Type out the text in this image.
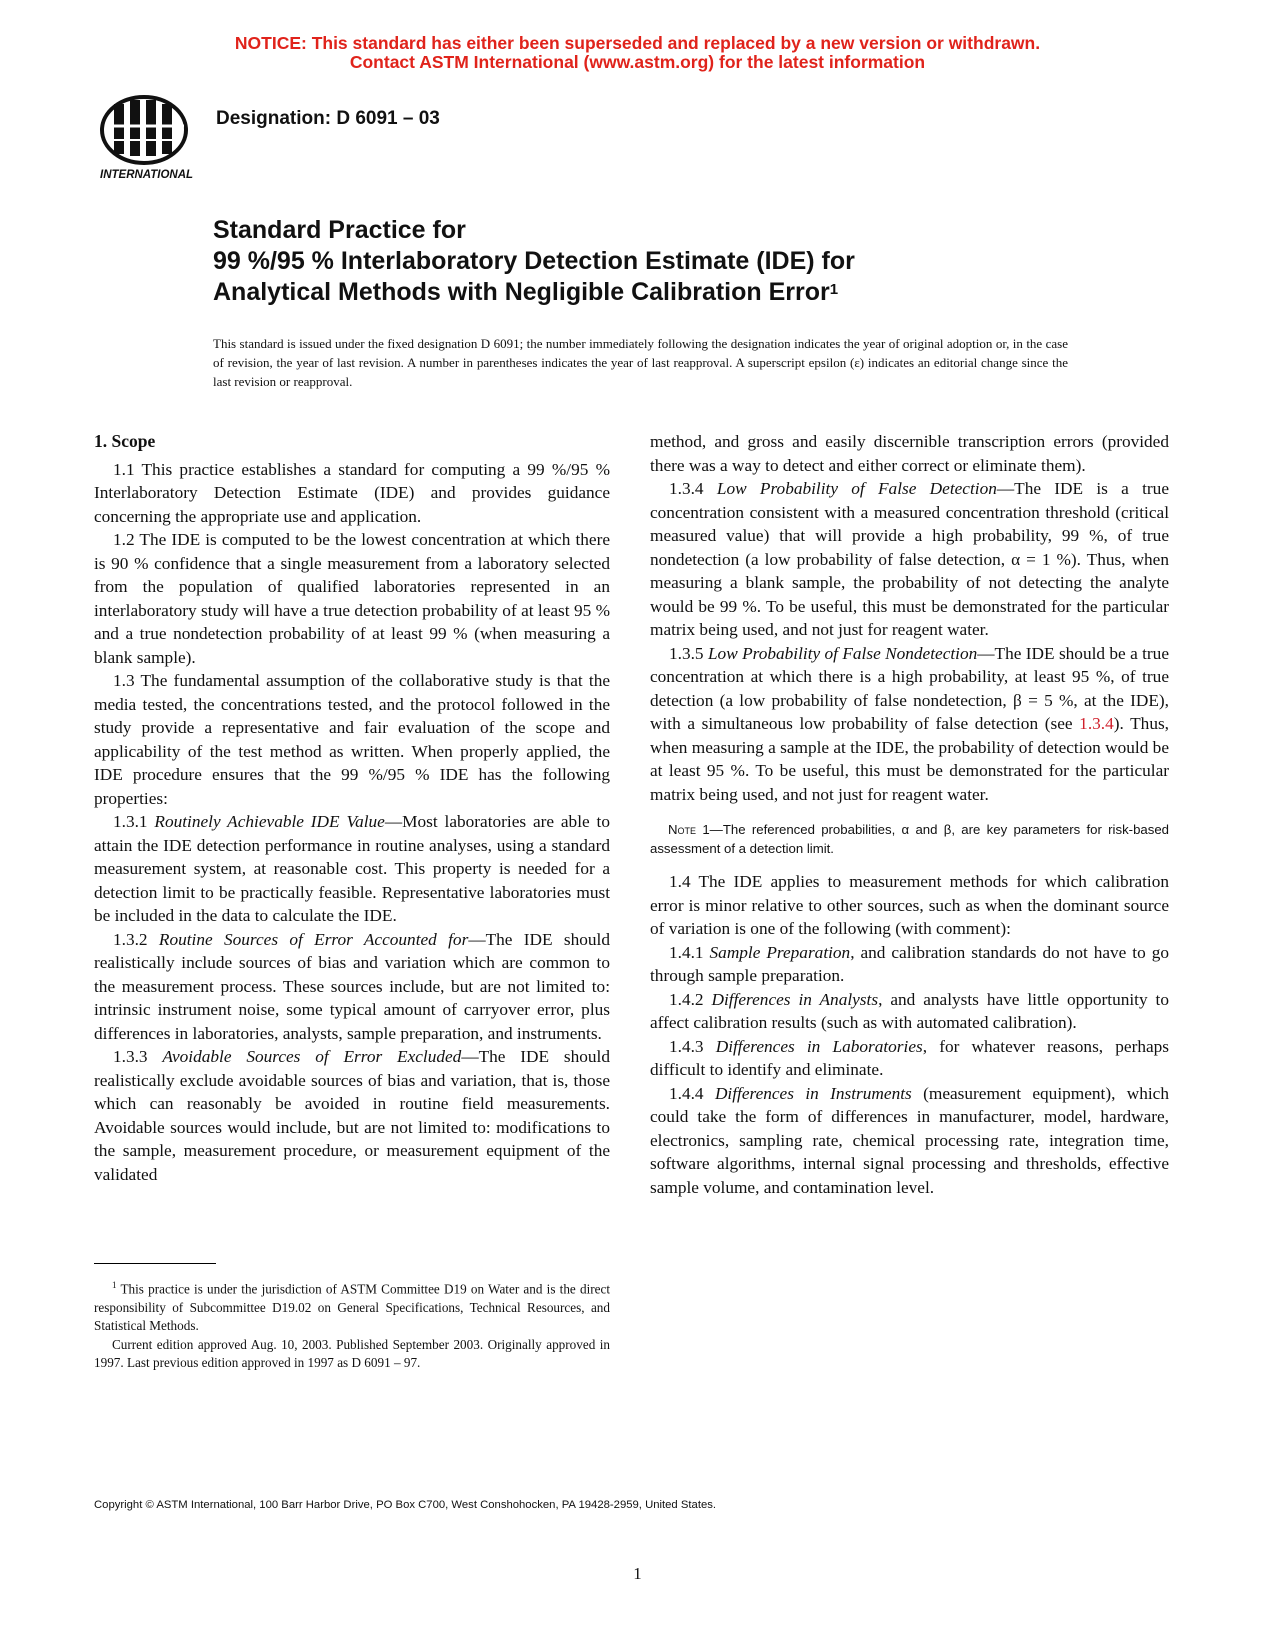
NOTICE: This standard has either been superseded and replaced by a new version or withdrawn.
Contact ASTM International (www.astm.org) for the latest information
INTERNATIONAL
Designation: D 6091 – 03
Standard Practice for
99 %/95 % Interlaboratory Detection Estimate (IDE) for
Analytical Methods with Negligible Calibration Error$^1$
This standard is issued under the fixed designation D 6091; the number immediately following the designation indicates the year of original adoption or, in the case of revision, the year of last revision. A number in parentheses indicates the year of last reapproval. A superscript epsilon (ε) indicates an editorial change since the last revision or reapproval.
1. Scope

1.1 This practice establishes a standard for computing a 99 %/95 % Interlaboratory Detection Estimate (IDE) and provides guidance concerning the appropriate use and application.

1.2 The IDE is computed to be the lowest concentration at which there is 90 % confidence that a single measurement from a laboratory selected from the population of qualified laboratories represented in an interlaboratory study will have a true detection probability of at least 95 % and a true nondetection probability of at least 99 % (when measuring a blank sample).

1.3 The fundamental assumption of the collaborative study is that the media tested, the concentrations tested, and the protocol followed in the study provide a representative and fair evaluation of the scope and applicability of the test method as written. When properly applied, the IDE procedure ensures that the 99 %/95 % IDE has the following properties:

1.3.1 Routinely Achievable IDE Value—Most laboratories are able to attain the IDE detection performance in routine analyses, using a standard measurement system, at reasonable cost. This property is needed for a detection limit to be practically feasible. Representative laboratories must be included in the data to calculate the IDE.

1.3.2 Routine Sources of Error Accounted for—The IDE should realistically include sources of bias and variation which are common to the measurement process. These sources include, but are not limited to: intrinsic instrument noise, some typical amount of carryover error, plus differences in laboratories, analysts, sample preparation, and instruments.

1.3.3 Avoidable Sources of Error Excluded—The IDE should realistically exclude avoidable sources of bias and variation, that is, those which can reasonably be avoided in routine field measurements. Avoidable sources would include, but are not limited to: modifications to the sample, measurement procedure, or measurement equipment of the validated

method, and gross and easily discernible transcription errors (provided there was a way to detect and either correct or eliminate them).

1.3.4 Low Probability of False Detection—The IDE is a true concentration consistent with a measured concentration threshold (critical measured value) that will provide a high probability, 99 %, of true nondetection (a low probability of false detection, α = 1 %). Thus, when measuring a blank sample, the probability of not detecting the analyte would be 99 %. To be useful, this must be demonstrated for the particular matrix being used, and not just for reagent water.

1.3.5 Low Probability of False Nondetection—The IDE should be a true concentration at which there is a high probability, at least 95 %, of true detection (a low probability of false nondetection, β = 5 %, at the IDE), with a simultaneous low probability of false detection (see 1.3.4). Thus, when measuring a sample at the IDE, the probability of detection would be at least 95 %. To be useful, this must be demonstrated for the particular matrix being used, and not just for reagent water.

Note 1—The referenced probabilities, α and β, are key parameters for risk-based assessment of a detection limit.

1.4 The IDE applies to measurement methods for which calibration error is minor relative to other sources, such as when the dominant source of variation is one of the following (with comment):

1.4.1 Sample Preparation, and calibration standards do not have to go through sample preparation.

1.4.2 Differences in Analysts, and analysts have little opportunity to affect calibration results (such as with automated calibration).

1.4.3 Differences in Laboratories, for whatever reasons, perhaps difficult to identify and eliminate.

1.4.4 Differences in Instruments (measurement equipment), which could take the form of differences in manufacturer, model, hardware, electronics, sampling rate, chemical processing rate, integration time, software algorithms, internal signal processing and thresholds, effective sample volume, and contamination level.

$^1$ This practice is under the jurisdiction of ASTM Committee D19 on Water and is the direct responsibility of Subcommittee D19.02 on General Specifications, Technical Resources, and Statistical Methods.

Current edition approved Aug. 10, 2003. Published September 2003. Originally approved in 1997. Last previous edition approved in 1997 as D 6091 – 97.

Copyright © ASTM International, 100 Barr Harbor Drive, PO Box C700, West Conshohocken, PA 19428-2959, United States.
1
